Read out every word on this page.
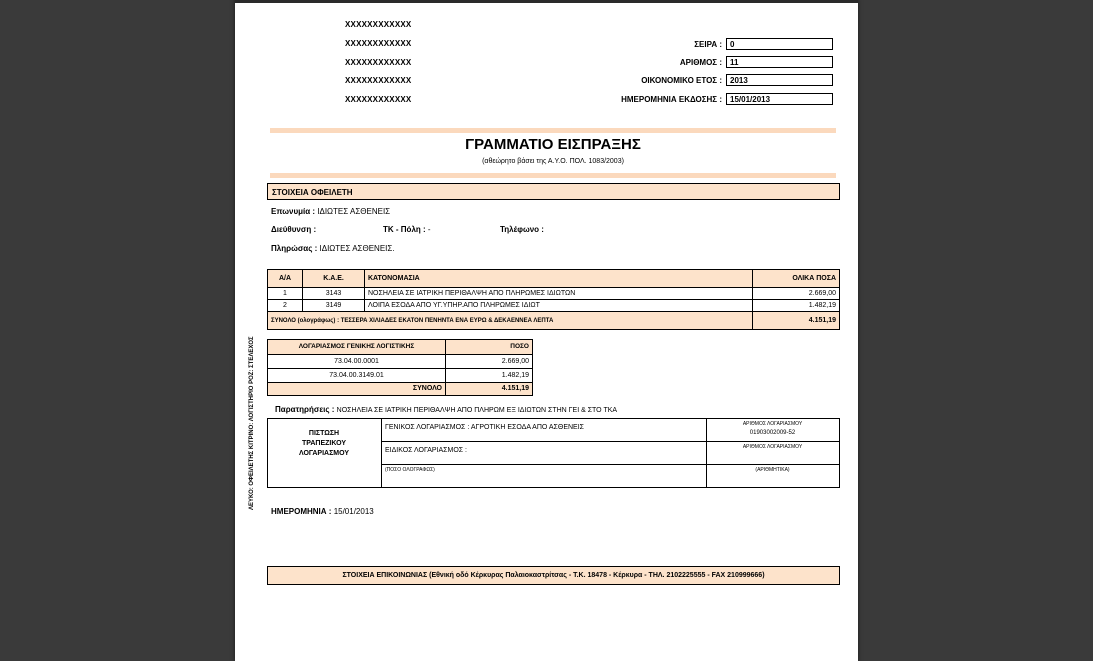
XXXXXXXXXXXX
XXXXXXXXXXXX
XXXXXXXXXXXX
XXXXXXXXXXXX
XXXXXXXXXXXX
ΣΕΙΡΑ :	0
ΑΡΙΘΜΟΣ :	11
ΟΙΚΟΝΟΜΙΚΟ ΕΤΟΣ :	2013
ΗΜΕΡΟΜΗΝΙΑ ΕΚΔΟΣΗΣ :	15/01/2013
ΓΡΑΜΜΑΤΙΟ ΕΙΣΠΡΑΞΗΣ
(αθεώρητο βάσει της Α.Υ.Ο. ΠΟΛ. 1083/2003)
ΣΤΟΙΧΕΙΑ ΟΦΕΙΛΕΤΗ
Επωνυμία : ΙΔΙΩΤΕΣ ΑΣΘΕΝΕΙΣ
Διεύθυνση :	ΤΚ - Πόλη : -	Τηλέφωνο :
Πληρώσας : ΙΔΙΩΤΕΣ ΑΣΘΕΝΕΙΣ.
Α/Α	Κ.Α.Ε.	ΚΑΤΟΝΟΜΑΣΙΑ	ΟΛΙΚΑ ΠΟΣΑ
1	3143	ΝΟΣΗΛΕΙΑ ΣΕ ΙΑΤΡΙΚΗ ΠΕΡΙΘΑΛΨΗ ΑΠΟ ΠΛΗΡΩΜΕΣ ΙΔΙΩΤΩΝ	2.669,00
2	3149	ΛΟΙΠΑ ΕΣΟΔΑ ΑΠΟ ΥΓ.ΥΠΗΡ.ΑΠΟ ΠΛΗΡΩΜΕΣ ΙΔΙΩΤ	1.482,19
ΣΥΝΟΛΟ (ολογράφως) : ΤΕΣΣΕΡΑ ΧΙΛΙΑΔΕΣ ΕΚΑΤΟΝ ΠΕΝΗΝΤΑ ΕΝΑ ΕΥΡΩ & ΔΕΚΑΕΝΝΕΑ ΛΕΠΤΑ			4.151,19
ΛΟΓΑΡΙΑΣΜΟΣ ΓΕΝΙΚΗΣ ΛΟΓΙΣΤΙΚΗΣ	ΠΟΣΟ
73.04.00.0001	2.669,00
73.04.00.3149.01	1.482,19
ΣΥΝΟΛΟ	4.151,19
Παρατηρήσεις : ΝΟΣΗΛΕΙΑ ΣΕ ΙΑΤΡΙΚΗ ΠΕΡΙΘΑΛΨΗ ΑΠΟ ΠΛΗΡΩΜ ΕΞ ΙΔΙΩΤΩΝ ΣΤΗΝ ΓΕΙ & ΣΤΟ ΤΚΑ
ΠΙΣΤΩΣΗ ΤΡΑΠΕΖΙΚΟΥ ΛΟΓΑΡΙΑΣΜΟΥ
ΓΕΝΙΚΟΣ ΛΟΓΑΡΙΑΣΜΟΣ : ΑΓΡΟΤΙΚΗ ΕΣΟΔΑ ΑΠΟ ΑΣΘΕΝΕΙΣ	ΑΡΙΘΜΟΣ ΛΟΓΑΡΙΑΣΜΟΥ
01903002009-52
ΕΙΔΙΚΟΣ ΛΟΓΑΡΙΑΣΜΟΣ :	ΑΡΙΘΜΟΣ ΛΟΓΑΡΙΑΣΜΟΥ
(ΠΟΣΟ ΟΛΟΓΡΑΦΩΣ)	(ΑΡΙΘΜΗΤΙΚΑ)
ΗΜΕΡΟΜΗΝΙΑ : 15/01/2013
ΛΕΥΚΟ: ΟΦΕΙΛΕΤΗΣ ΚΙΤΡΙΝΟ: ΛΟΓΙΣΤΗΡΙΟ ΡΟΖ: ΣΤΕΛΕΧΟΣ
ΣΤΟΙΧΕΙΑ ΕΠΙΚΟΙΝΩΝΙΑΣ (Εθνική οδό Κέρκυρας Παλαιοκαστρίτσας - Τ.Κ. 18478 - Κέρκυρα - ΤΗΛ. 2102225555 - FAX 210999666)
